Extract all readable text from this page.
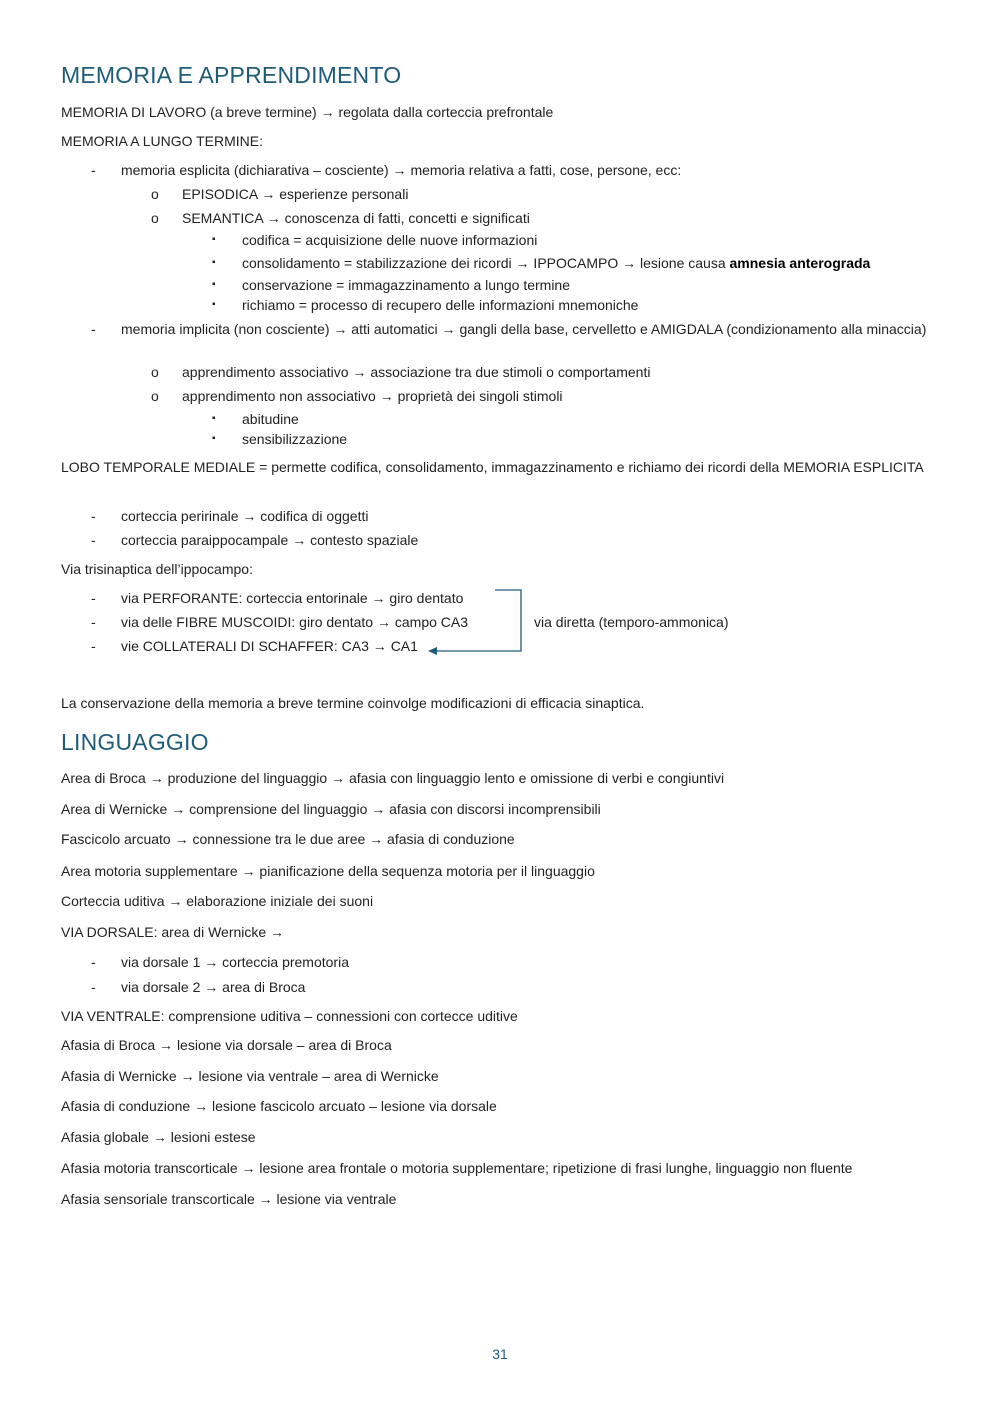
MEMORIA E APPRENDIMENTO

MEMORIA DI LAVORO (a breve termine) → regolata dalla corteccia prefrontale

MEMORIA A LUNGO TERMINE:

- memoria esplicita (dichiarativa – cosciente) → memoria relativa a fatti, cose, persone, ecc:
o EPISODICA → esperienze personali
o SEMANTICA → conoscenza di fatti, concetti e significati
▪ codifica = acquisizione delle nuove informazioni
▪ consolidamento = stabilizzazione dei ricordi → IPPOCAMPO → lesione causa amnesia anterograda
▪ conservazione = immagazzinamento a lungo termine
▪ richiamo = processo di recupero delle informazioni mnemoniche
- memoria implicita (non cosciente) → atti automatici → gangli della base, cervelletto e AMIGDALA (condizionamento alla minaccia)
o apprendimento associativo → associazione tra due stimoli o comportamenti
o apprendimento non associativo → proprietà dei singoli stimoli
▪ abitudine
▪ sensibilizzazione

LOBO TEMPORALE MEDIALE = permette codifica, consolidamento, immagazzinamento e richiamo dei ricordi della MEMORIA ESPLICITA

- corteccia peririnale → codifica di oggetti
- corteccia paraippocampale → contesto spaziale

Via trisinaptica dell’ippocampo:

- via PERFORANTE: corteccia entorinale → giro dentato
- via delle FIBRE MUSCOIDI: giro dentato → campo CA3
- vie COLLATERALI DI SCHAFFER: CA3 → CA1
via diretta (temporo-ammonica)

La conservazione della memoria a breve termine coinvolge modificazioni di efficacia sinaptica.

LINGUAGGIO

Area di Broca → produzione del linguaggio → afasia con linguaggio lento e omissione di verbi e congiuntivi

Area di Wernicke → comprensione del linguaggio → afasia con discorsi incomprensibili

Fascicolo arcuato → connessione tra le due aree → afasia di conduzione

Area motoria supplementare → pianificazione della sequenza motoria per il linguaggio

Corteccia uditiva → elaborazione iniziale dei suoni

VIA DORSALE: area di Wernicke →

- via dorsale 1 → corteccia premotoria
- via dorsale 2 → area di Broca

VIA VENTRALE: comprensione uditiva – connessioni con cortecce uditive

Afasia di Broca → lesione via dorsale – area di Broca

Afasia di Wernicke → lesione via ventrale – area di Wernicke

Afasia di conduzione → lesione fascicolo arcuato – lesione via dorsale

Afasia globale → lesioni estese

Afasia motoria transcorticale → lesione area frontale o motoria supplementare; ripetizione di frasi lunghe, linguaggio non fluente

Afasia sensoriale transcorticale → lesione via ventrale

31
